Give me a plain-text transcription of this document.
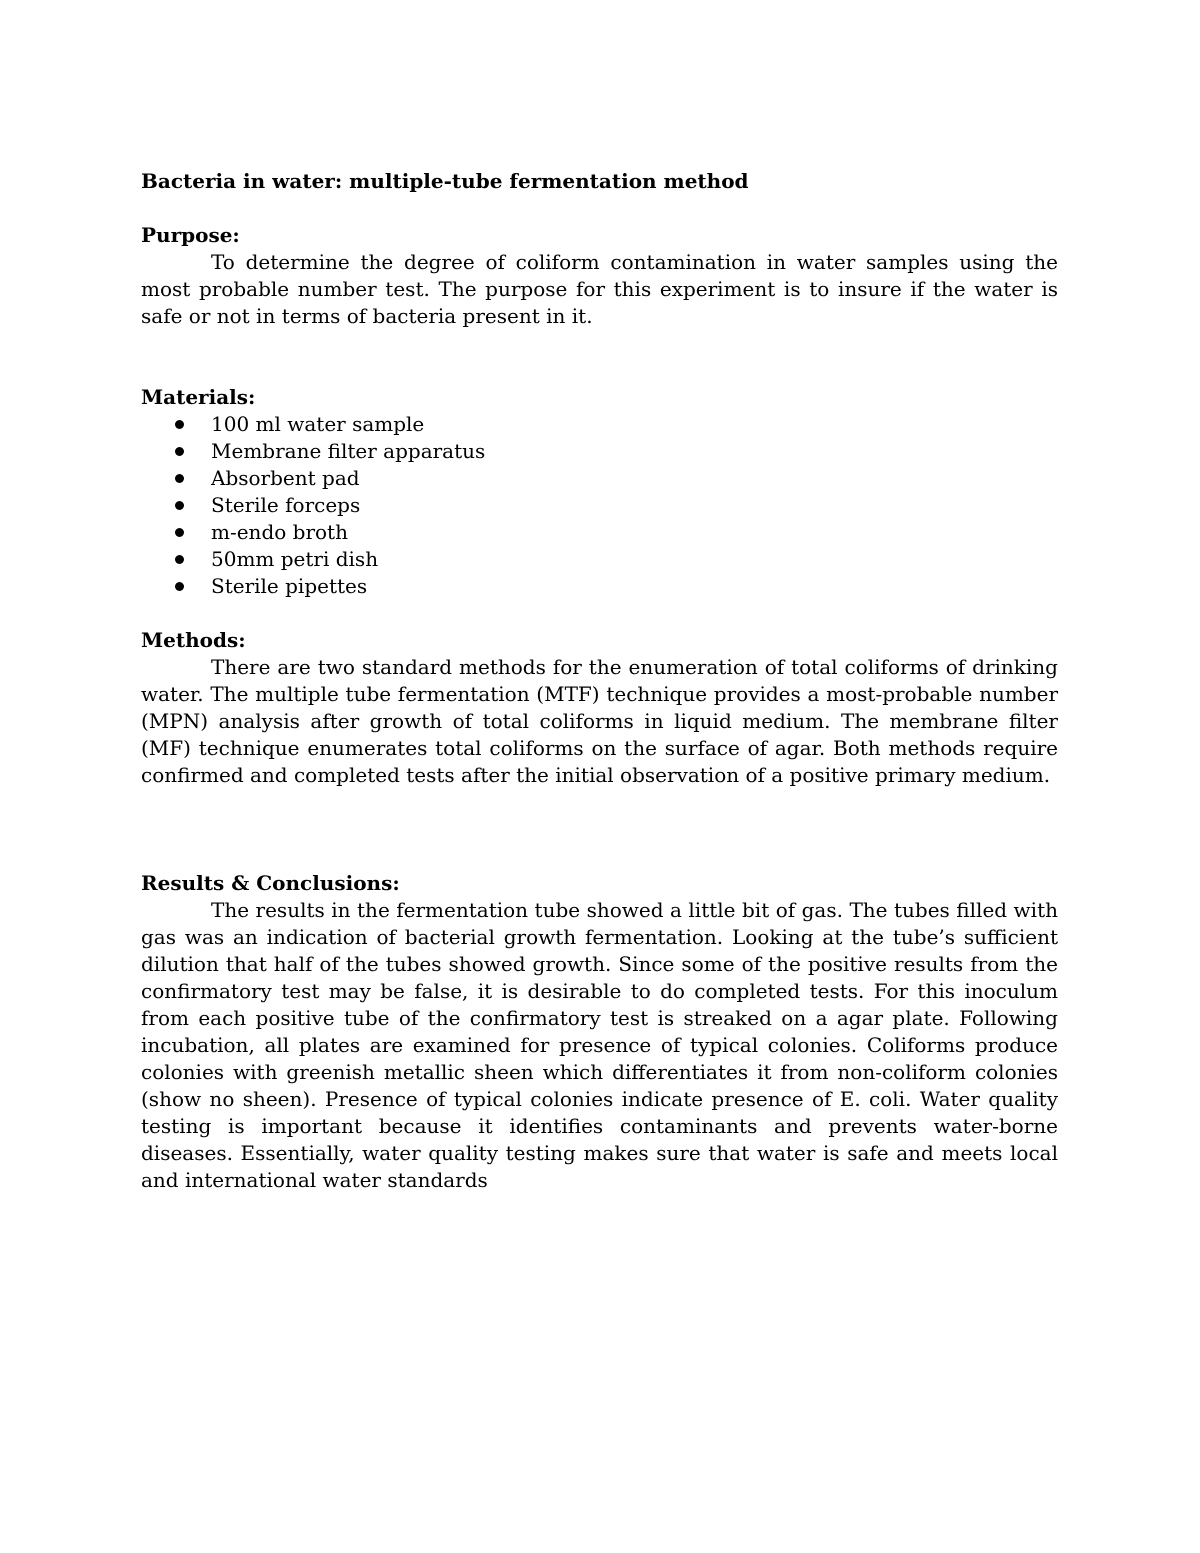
Bacteria in water: multiple-tube fermentation method
Purpose:

To determine the degree of coliform contamination in water samples using the most probable number test. The purpose for this experiment is to insure if the water is safe or not in terms of bacteria present in it.

Materials:
100 ml water sample
Membrane filter apparatus
Absorbent pad
Sterile forceps
m-endo broth
50mm petri dish
Sterile pipettes
Methods:

There are two standard methods for the enumeration of total coliforms of drinking water. The multiple tube fermentation (MTF) technique provides a most-probable number (MPN) analysis after growth of total coliforms in liquid medium. The membrane filter (MF) technique enumerates total coliforms on the surface of agar. Both methods require confirmed and completed tests after the initial observation of a positive primary medium.

Results & Conclusions:

The results in the fermentation tube showed a little bit of gas. The tubes filled with gas was an indication of bacterial growth fermentation. Looking at the tube’s sufficient dilution that half of the tubes showed growth. Since some of the positive results from the confirmatory test may be false, it is desirable to do completed tests. For this inoculum from each positive tube of the confirmatory test is streaked on a agar plate. Following incubation, all plates are examined for presence of typical colonies. Coliforms produce colonies with greenish metallic sheen which differentiates it from non-coliform colonies (show no sheen). Presence of typical colonies indicate presence of E. coli. Water quality testing is important because it identifies contaminants and prevents water-borne diseases. Essentially, water quality testing makes sure that water is safe and meets local and international water standards
